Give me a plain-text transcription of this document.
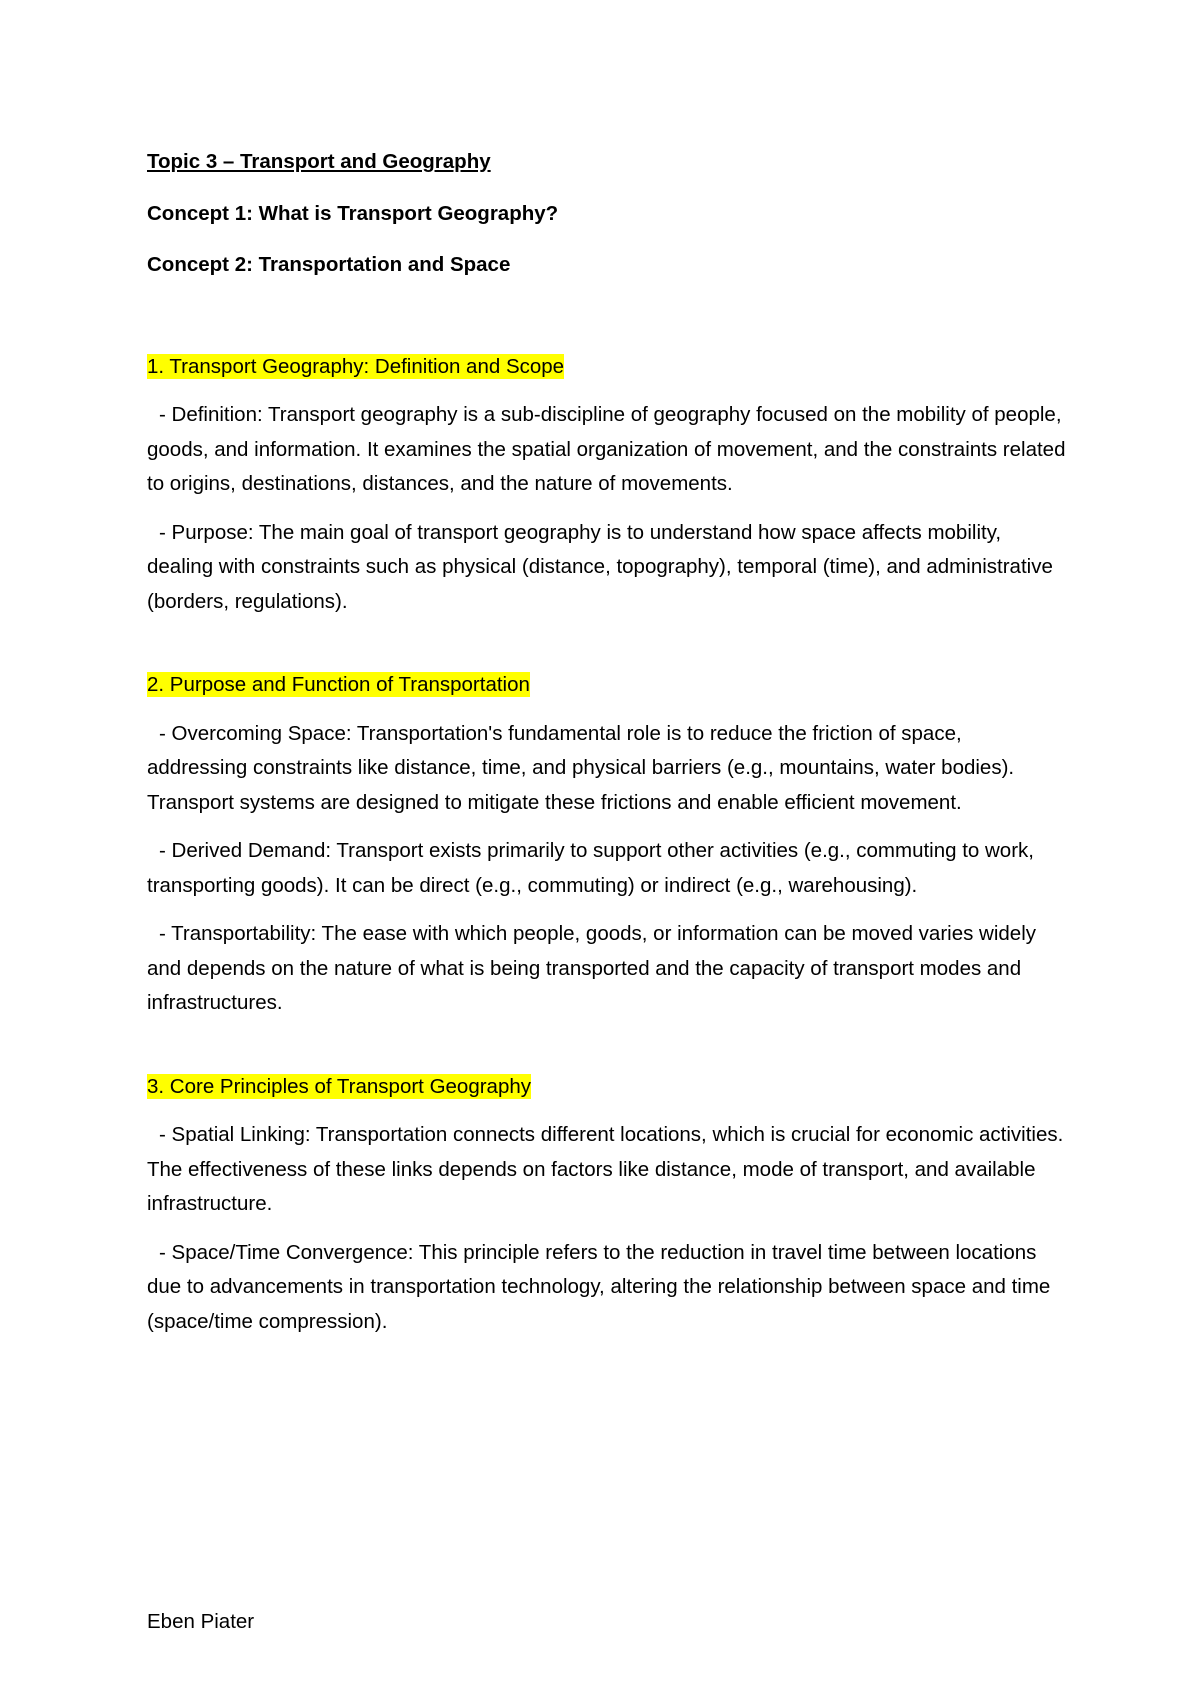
Topic 3 – Transport and Geography
Concept 1: What is Transport Geography?
Concept 2: Transportation and Space
1. Transport Geography: Definition and Scope
- Definition: Transport geography is a sub-discipline of geography focused on the mobility of people, goods, and information. It examines the spatial organization of movement, and the constraints related to origins, destinations, distances, and the nature of movements.
- Purpose: The main goal of transport geography is to understand how space affects mobility, dealing with constraints such as physical (distance, topography), temporal (time), and administrative (borders, regulations).
2. Purpose and Function of Transportation
- Overcoming Space: Transportation's fundamental role is to reduce the friction of space, addressing constraints like distance, time, and physical barriers (e.g., mountains, water bodies). Transport systems are designed to mitigate these frictions and enable efficient movement.
- Derived Demand: Transport exists primarily to support other activities (e.g., commuting to work, transporting goods). It can be direct (e.g., commuting) or indirect (e.g., warehousing).
- Transportability: The ease with which people, goods, or information can be moved varies widely and depends on the nature of what is being transported and the capacity of transport modes and infrastructures.
3. Core Principles of Transport Geography
- Spatial Linking: Transportation connects different locations, which is crucial for economic activities. The effectiveness of these links depends on factors like distance, mode of transport, and available infrastructure.
- Space/Time Convergence: This principle refers to the reduction in travel time between locations due to advancements in transportation technology, altering the relationship between space and time (space/time compression).
Eben Piater
